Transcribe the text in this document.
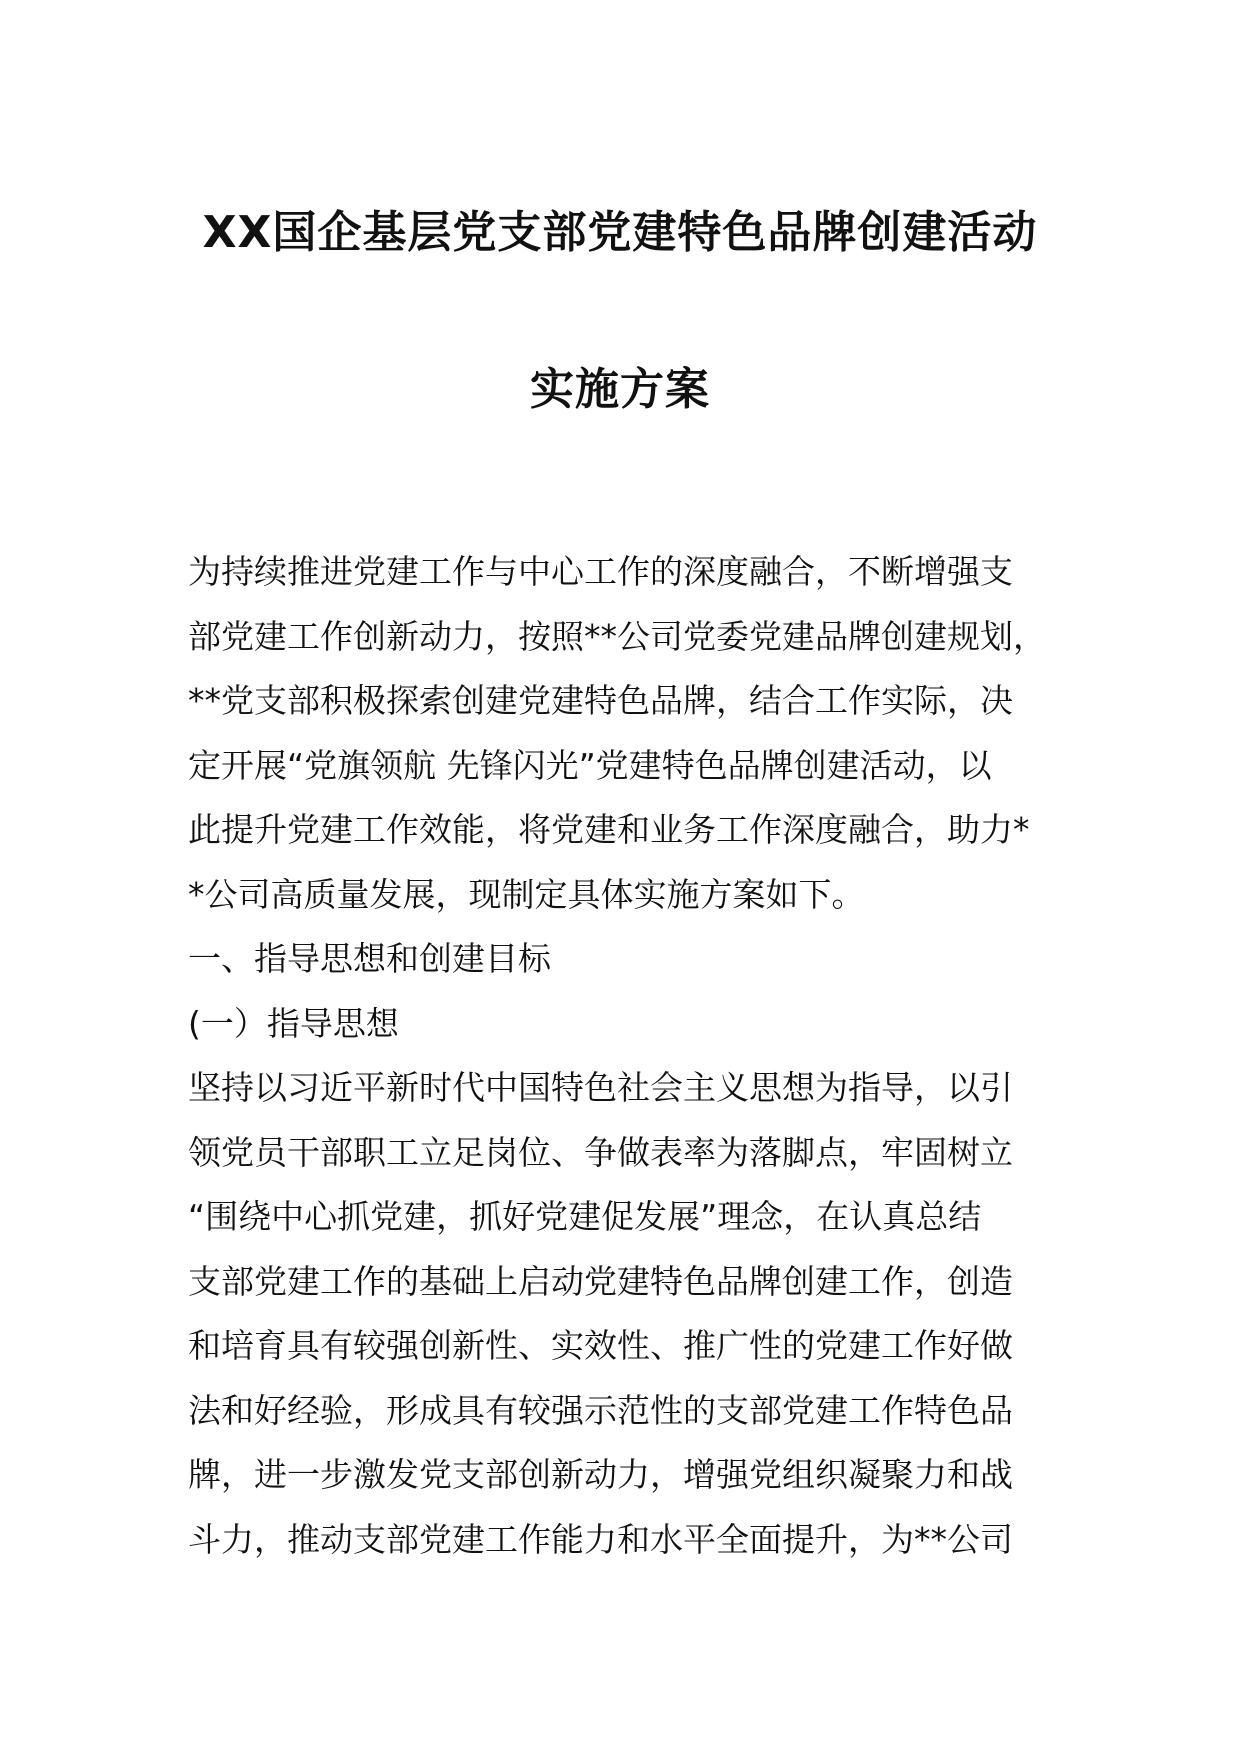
XX国企基层党支部党建特色品牌创建活动
实施方案
为持续推进党建工作与中心工作的深度融合，不断增强支
部党建工作创新动力，按照**公司党委党建品牌创建规划，
**党支部积极探索创建党建特色品牌，结合工作实际，决
定开展“党旗领航 先锋闪光”党建特色品牌创建活动，以
此提升党建工作效能，将党建和业务工作深度融合，助力*
*公司高质量发展，现制定具体实施方案如下。
一、指导思想和创建目标
(一）指导思想
坚持以习近平新时代中国特色社会主义思想为指导，以引
领党员干部职工立足岗位、争做表率为落脚点，牢固树立
“围绕中心抓党建，抓好党建促发展”理念，在认真总结
支部党建工作的基础上启动党建特色品牌创建工作，创造
和培育具有较强创新性、实效性、推广性的党建工作好做
法和好经验，形成具有较强示范性的支部党建工作特色品
牌，进一步激发党支部创新动力，增强党组织凝聚力和战
斗力，推动支部党建工作能力和水平全面提升，为**公司
